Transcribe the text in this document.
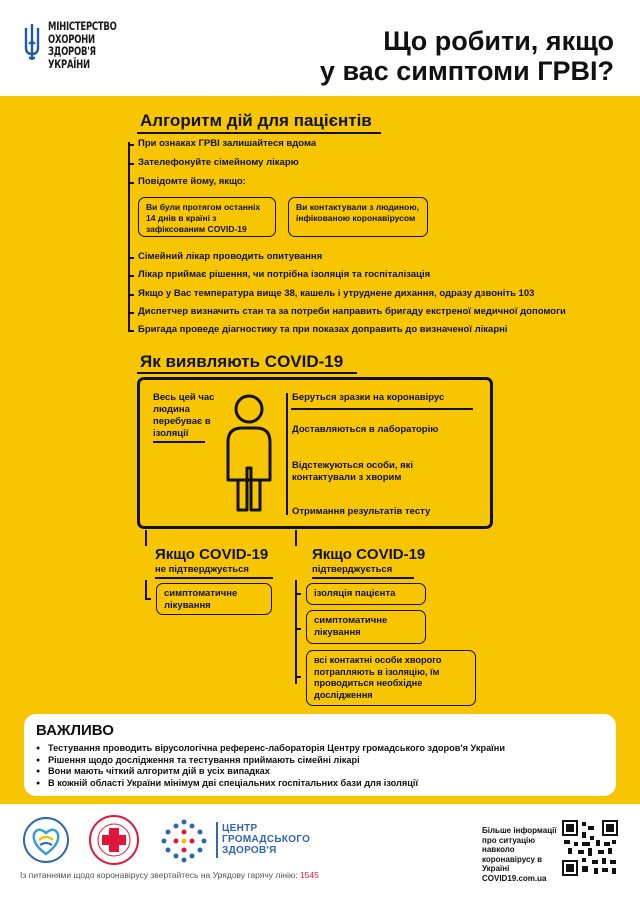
МІНІСТЕРСТВО
ОХОРОНИ
ЗДОРОВ'Я
УКРАЇНИ
Що робити, якщо
у вас симптоми ГРВІ?
Алгоритм дій для пацієнтів
При ознаках ГРВІ залишайтеся вдома
Зателефонуйте сімейному лікарю
Повідомте йому, якщо:
Ви були протягом останніх 14 днів в країні з зафіксованим COVID-19
Ви контактували з людиною, інфікованою коронавірусом
Сімейний лікар проводить опитування
Лікар приймає рішення, чи потрібна ізоляція та госпіталізація
Якщо у Вас температура вище 38, кашель і утруднене дихання, одразу дзвоніть 103
Диспетчер визначить стан та за потреби направить бригаду екстреної медичної допомоги
Бригада проведе діагностику та при показах доправить до визначеної лікарні
Як виявляють COVID-19
Весь цей час людина перебуває в ізоляції
Беруться зразки на коронавірус
Доставляються в лабораторію
Відстежуються особи, які контактували з хворим
Отримання результатів тесту
Якщо COVID-19
не підтверджується
симптоматичне лікування
Якщо COVID-19
підтверджується
ізоляція пацієнта
симптоматичне лікування
всі контактні особи хворого потрапляють в ізоляцію, їм проводиться необхідне дослідження
ВАЖЛИВО
● Тестування проводить вірусологічна референс-лабораторія Центру громадського здоров'я України
● Рішення щодо дослідження та тестування приймають сімейні лікарі
● Вони мають чіткий алгоритм дій в усіх випадках
● В кожній області України мінімум дві спеціальних госпітальних бази для ізоляції
ЦЕНТР
ГРОМАДСЬКОГО
ЗДОРОВ'Я
Більше інформації про ситуацію навколо коронавірусу в Україні COVID19.com.ua
Із питаннями щодо коронавірусу звертайтесь на Урядову гарячу лінію: 1545
